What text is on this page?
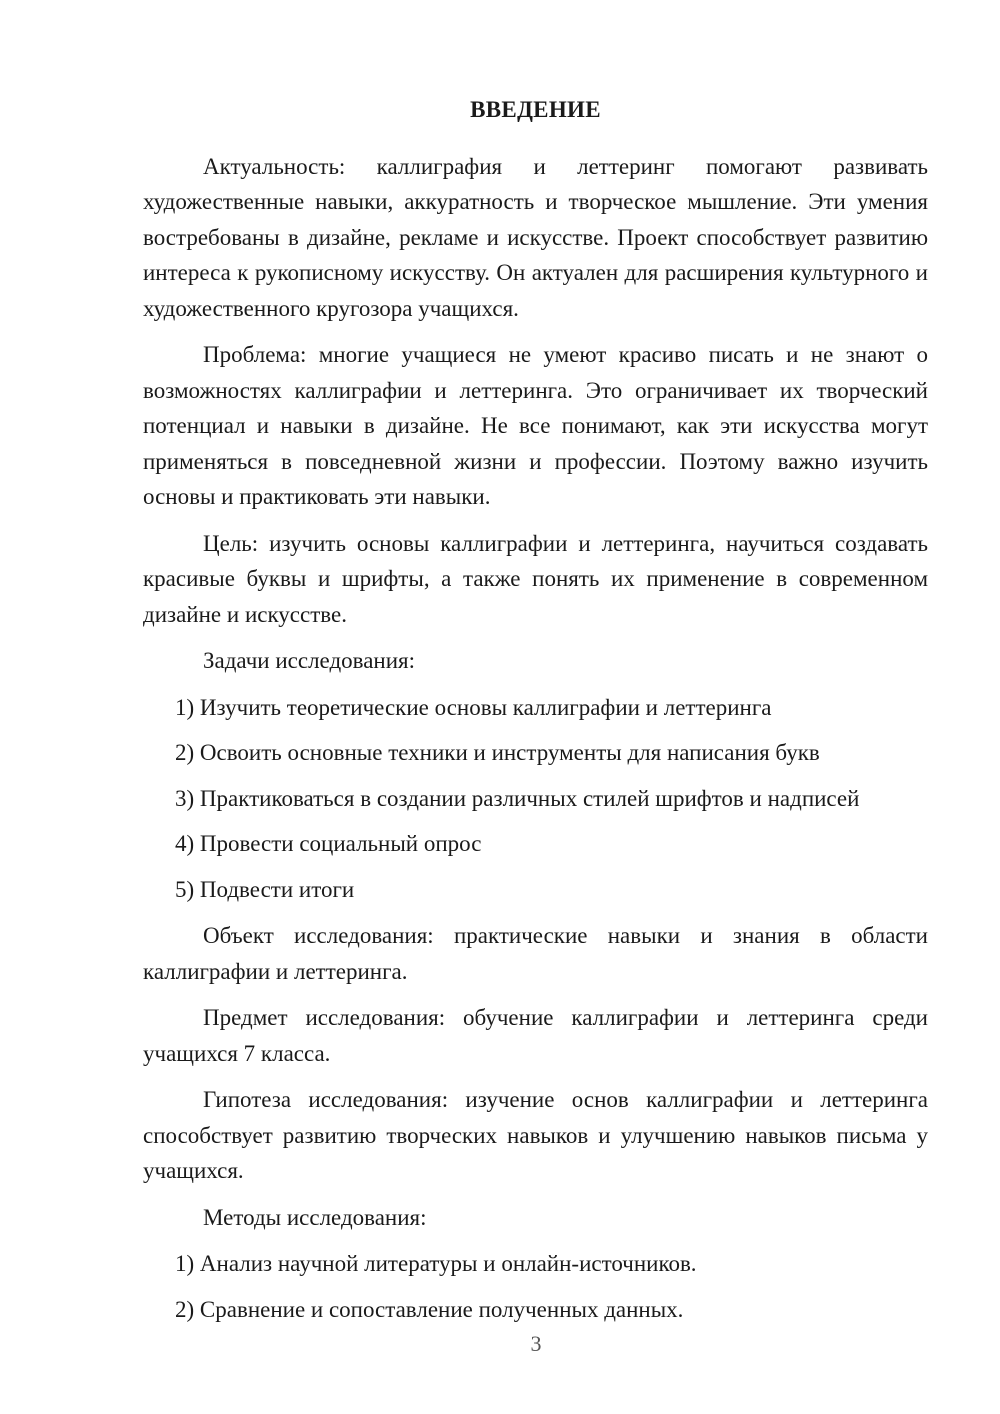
ВВЕДЕНИЕ

Актуальность: каллиграфия и леттеринг помогают развивать художественные навыки, аккуратность и творческое мышление. Эти умения востребованы в дизайне, рекламе и искусстве. Проект способствует развитию интереса к рукописному искусству. Он актуален для расширения культурного и художественного кругозора учащихся.

Проблема: многие учащиеся не умеют красиво писать и не знают о возможностях каллиграфии и леттеринга. Это ограничивает их творческий потенциал и навыки в дизайне. Не все понимают, как эти искусства могут применяться в повседневной жизни и профессии. Поэтому важно изучить основы и практиковать эти навыки.

Цель: изучить основы каллиграфии и леттеринга, научиться создавать красивые буквы и шрифты, а также понять их применение в современном дизайне и искусстве.

Задачи исследования:

1) Изучить теоретические основы каллиграфии и леттеринга
2) Освоить основные техники и инструменты для написания букв
3) Практиковаться в создании различных стилей шрифтов и надписей
4) Провести социальный опрос
5) Подвести итоги

Объект исследования: практические навыки и знания в области каллиграфии и леттеринга.

Предмет исследования: обучение каллиграфии и леттеринга среди учащихся 7 класса.

Гипотеза исследования: изучение основ каллиграфии и леттеринга способствует развитию творческих навыков и улучшению навыков письма у учащихся.

Методы исследования:

1) Анализ научной литературы и онлайн-источников.
2) Сравнение и сопоставление полученных данных.
3
